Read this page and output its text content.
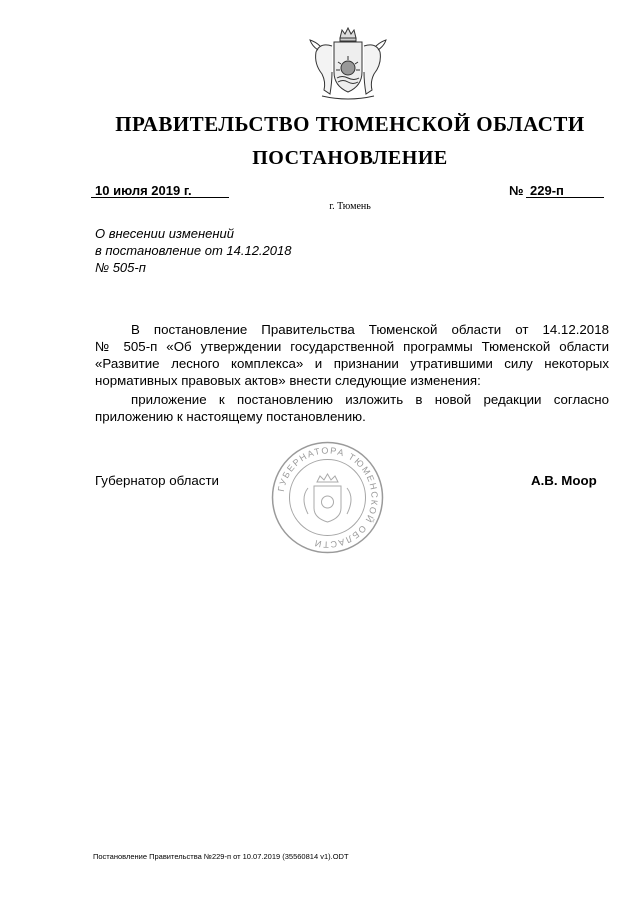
ПРАВИТЕЛЬСТВО ТЮМЕНСКОЙ ОБЛАСТИ
ПОСТАНОВЛЕНИЕ
10 июля 2019 г.	№ 229-п
г. Тюмень
О внесении изменений
в постановление от 14.12.2018
№ 505-п
В постановление Правительства Тюменской области от 14.12.2018
№ 505-п «Об утверждении государственной программы Тюменской области
«Развитие лесного комплекса» и признании утратившими силу некоторых
нормативных правовых актов» внести следующие изменения:
приложение к постановлению изложить в новой редакции согласно
приложению к настоящему постановлению.
ГУБЕРНАТОРА ТЮМЕНСКОЙ ОБЛАСТИ
Губернатор области	А.В. Моор
Постановление Правительства №229-п от 10.07.2019 (35560814 v1).ODT
